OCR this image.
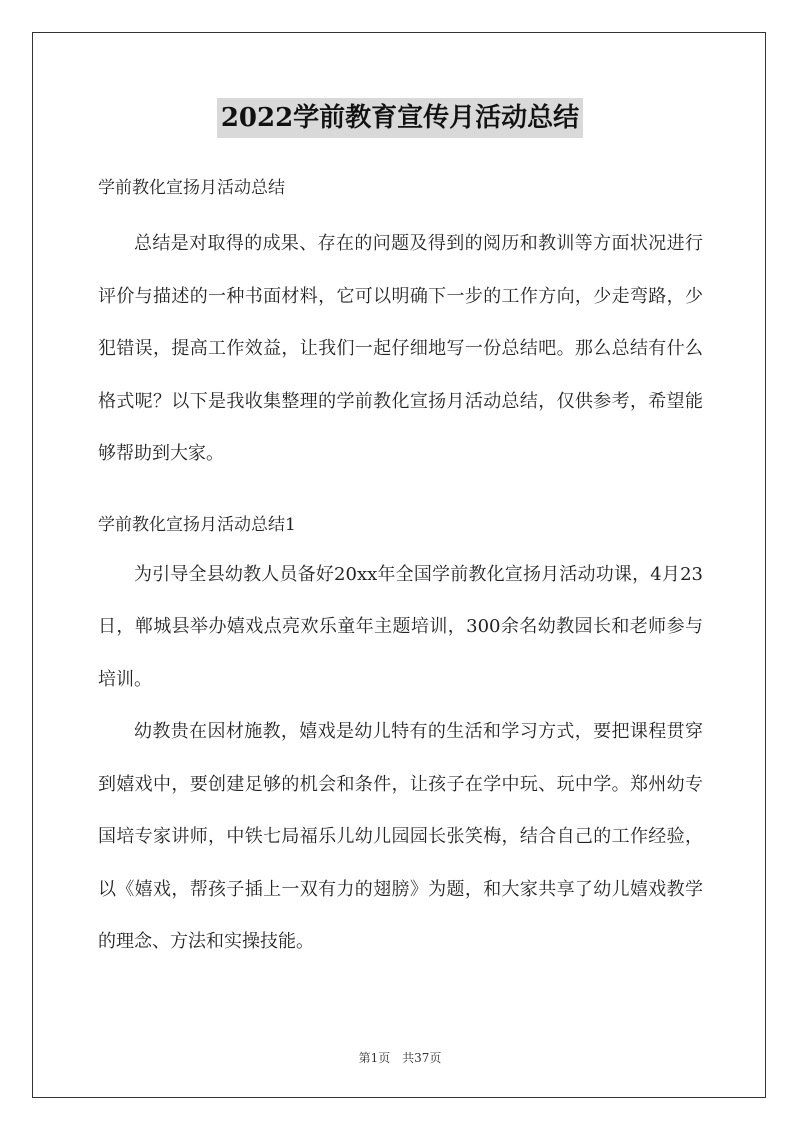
2022学前教育宣传月活动总结

学前教化宣扬月活动总结

总结是对取得的成果、存在的问题及得到的阅历和教训等方面状况进行评价与描述的一种书面材料，它可以明确下一步的工作方向，少走弯路，少犯错误，提高工作效益，让我们一起仔细地写一份总结吧。那么总结有什么格式呢？以下是我收集整理的学前教化宣扬月活动总结，仅供参考，希望能够帮助到大家。

学前教化宣扬月活动总结1

为引导全县幼教人员备好20xx年全国学前教化宣扬月活动功课，4月23日，郸城县举办嬉戏点亮欢乐童年主题培训，300余名幼教园长和老师参与培训。

幼教贵在因材施教，嬉戏是幼儿特有的生活和学习方式，要把课程贯穿到嬉戏中，要创建足够的机会和条件，让孩子在学中玩、玩中学。郑州幼专国培专家讲师，中铁七局福乐儿幼儿园园长张笑梅，结合自己的工作经验，以《嬉戏，帮孩子插上一双有力的翅膀》为题，和大家共享了幼儿嬉戏教学的理念、方法和实操技能。

第1页 共37页
